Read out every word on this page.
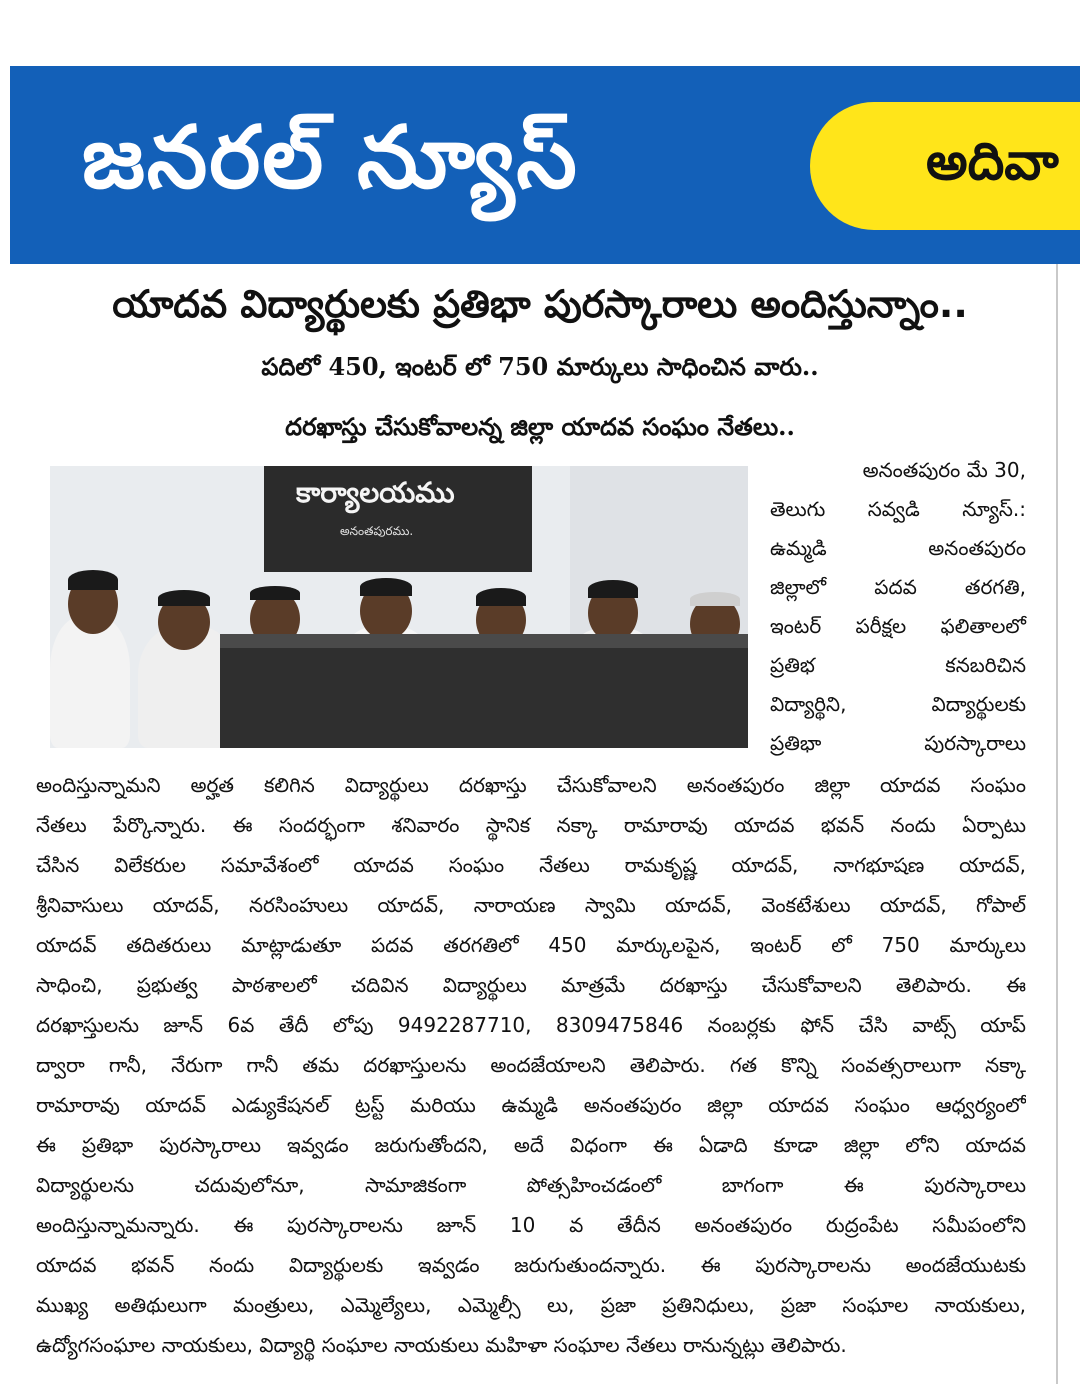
జనరల్ న్యూస్	అదివా
యాదవ విద్యార్థులకు ప్రతిభా పురస్కారాలు అందిస్తున్నాం..
పదిలో 450, ఇంటర్ లో 750 మార్కులు సాధించిన వారు..
దరఖాస్తు చేసుకోవాలన్న జిల్లా యాదవ సంఘం నేతలు..
కార్యాలయము
అనంతపురము.
అనంతపురం మే 30,
తెలుగు సవ్వడి న్యూస్.:
ఉమ్మడి అనంతపురం
జిల్లాలో పదవ తరగతి,
ఇంటర్ పరీక్షల ఫలితాలలో
ప్రతిభ కనబరిచిన
విద్యార్థిని, విద్యార్థులకు
ప్రతిభా పురస్కారాలు
అందిస్తున్నామని అర్హత కలిగిన విద్యార్థులు దరఖాస్తు చేసుకోవాలని అనంతపురం జిల్లా యాదవ సంఘం
నేతలు పేర్కొన్నారు. ఈ సందర్భంగా శనివారం స్థానిక నక్కా రామారావు యాదవ భవన్ నందు ఏర్పాటు
చేసిన విలేకరుల సమావేశంలో యాదవ సంఘం నేతలు రామకృష్ణ యాదవ్, నాగభూషణ యాదవ్,
శ్రీనివాసులు యాదవ్, నరసింహులు యాదవ్, నారాయణ స్వామి యాదవ్, వెంకటేశులు యాదవ్, గోపాల్
యాదవ్ తదితరులు మాట్లాడుతూ పదవ తరగతిలో 450 మార్కులపైన, ఇంటర్ లో 750 మార్కులు
సాధించి, ప్రభుత్వ పాఠశాలలో చదివిన విద్యార్థులు మాత్రమే దరఖాస్తు చేసుకోవాలని తెలిపారు. ఈ
దరఖాస్తులను జూన్ 6వ తేదీ లోపు 9492287710, 8309475846 నంబర్లకు ఫోన్ చేసి వాట్స్ యాప్
ద్వారా గానీ, నేరుగా గానీ తమ దరఖాస్తులను అందజేయాలని తెలిపారు. గత కొన్ని సంవత్సరాలుగా నక్కా
రామారావు యాదవ్ ఎడ్యుకేషనల్ ట్రస్ట్ మరియు ఉమ్మడి అనంతపురం జిల్లా యాదవ సంఘం ఆధ్వర్యంలో
ఈ ప్రతిభా పురస్కారాలు ఇవ్వడం జరుగుతోందని, అదే విధంగా ఈ ఏడాది కూడా జిల్లా లోని యాదవ
విద్యార్థులను చదువులోనూ, సామాజికంగా పోత్సహించడంలో బాగంగా ఈ పురస్కారాలు
అందిస్తున్నామన్నారు. ఈ పురస్కారాలను జూన్ 10 వ తేదీన అనంతపురం రుద్రంపేట సమీపంలోని
యాదవ భవన్ నందు విద్యార్థులకు ఇవ్వడం జరుగుతుందన్నారు. ఈ పురస్కారాలను అందజేయుటకు
ముఖ్య అతిథులుగా మంత్రులు, ఎమ్మెల్యేలు, ఎమ్మెల్సీ లు, ప్రజా ప్రతినిధులు, ప్రజా సంఘాల నాయకులు,
ఉద్యోగసంఘాల నాయకులు, విద్యార్థి సంఘాల నాయకులు మహిళా సంఘాల నేతలు రానున్నట్లు తెలిపారు.
